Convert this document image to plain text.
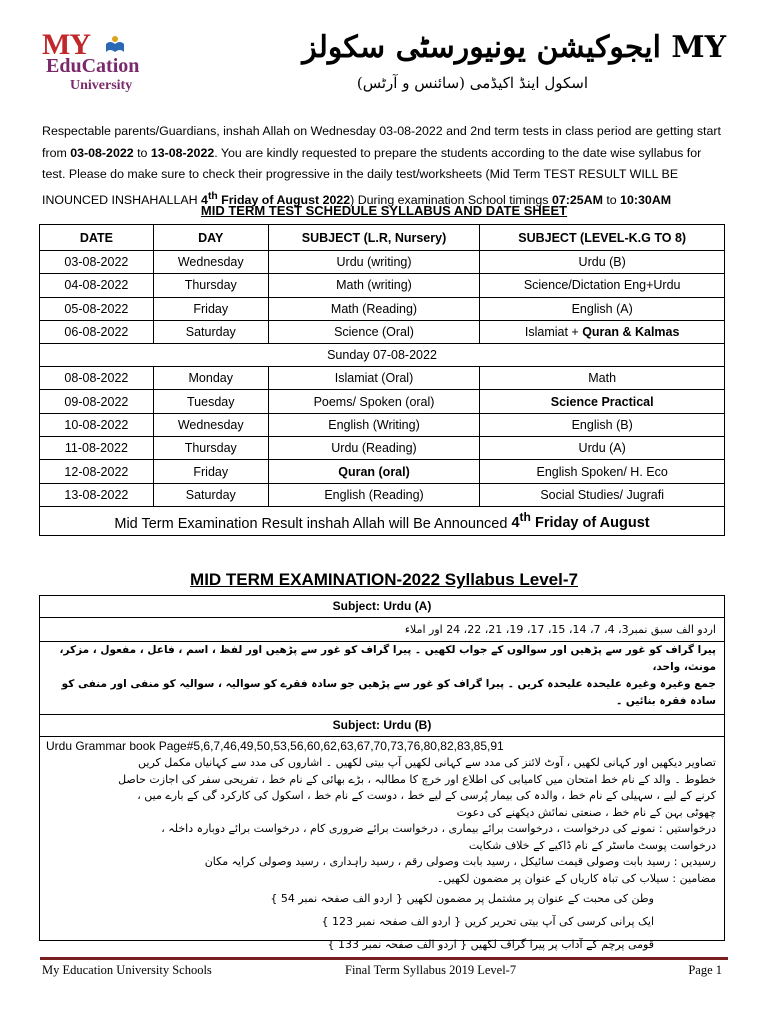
MY
EduCation
University
MY ایجوکیشن یونیورسٹی سکولز
اسکول اینڈ اکیڈمی (سائنس و آرٹس)
Respectable parents/Guardians, inshah Allah on Wednesday 03-08-2022 and 2nd term tests in class period are getting start from 03-08-2022 to 13-08-2022. You are kindly requested to prepare the students according to the date wise syllabus for test. Please do make sure to check their progressive in the daily test/worksheets (Mid Term TEST RESULT WILL BE INOUNCED INSHAHALLAH 4th Friday of August 2022) During examination School timings 07:25AM to 10:30AM
MID TERM TEST SCHEDULE SYLLABUS AND DATE SHEET
DATE	DAY	SUBJECT (L.R, Nursery)	SUBJECT (LEVEL-K.G TO 8)
03-08-2022	Wednesday	Urdu (writing)	Urdu (B)
04-08-2022	Thursday	Math (writing)	Science/Dictation Eng+Urdu
05-08-2022	Friday	Math (Reading)	English (A)
06-08-2022	Saturday	Science (Oral)	Islamiat + Quran & Kalmas
Sunday 07-08-2022			
08-08-2022	Monday	Islamiat (Oral)	Math
09-08-2022	Tuesday	Poems/ Spoken (oral)	Science Practical
10-08-2022	Wednesday	English (Writing)	English (B)
11-08-2022	Thursday	Urdu (Reading)	Urdu (A)
12-08-2022	Friday	Quran (oral)	English Spoken/ H. Eco
13-08-2022	Saturday	English (Reading)	Social Studies/ Jugrafi
Mid Term Examination Result inshah Allah will Be Announced 4th Friday of August			
MID TERM EXAMINATION-2022 Syllabus Level-7
Subject: Urdu (A)
اردو الف سبق نمبر3، 4، 7، 14، 15، 17، 19، 21، 22، 24 اور املاء
پیرا گراف کو غور سے پڑھیں اور سوالوں کے جواب لکھیں ۔ پیرا گراف کو غور سے پڑھیں اور لفظ ، اسم ، فاعل ، مفعول ، مزکر، مونث، واحد،
جمع وغیرہ وغیرہ علیحدہ علیحدہ کریں ۔ پیرا گراف کو غور سے پڑھیں جو سادہ فقرے کو سوالیہ ، سوالیہ کو منفی اور منفی کو سادہ فقرہ بنائیں ۔
Subject: Urdu (B)
Urdu Grammar book Page#5,6,7,46,49,50,53,56,60,62,63,67,70,73,76,80,82,83,85,91
تصاویر دیکھیں اور کہانی لکھیں ، آوٹ لائنز کی مدد سے کہانی لکھیں آپ بیتی لکھیں ۔ اشاروں کی مدد سے کہانیاں مکمل کریں
خطوط ۔ والد کے نام خط امتحان میں کامیابی کی اطلاع اور خرچ کا مطالبہ ، بڑے بھائی کے نام خط ، تفریحی سفر کی اجازت حاصل
کرنے کے لیے ، سہیلی کے نام خط ، والدہ کی بیمار پُرسی کے لیے خط ، دوست کے نام خط ، اسکول کی کارکرد گی کے بارے میں ،
چھوٹی بہن کے نام خط ، صنعتی نمائش دیکھنے کی دعوت
درخواستیں : نمونے کی درخواست ، درخواست برائے بیماری ، درخواست برائے ضروری کام ، درخواست برائے دوبارہ داخلہ ،
درخواست پوسٹ ماسٹر کے نام ڈاکیے کے خلاف شکایت
رسیدیں : رسید بابت وصولی قیمت سائیکل ، رسید بابت وصولی رقم ، رسید راہداری ، رسید وصولی کرایہ مکان
مضامین : سیلاب کی تباہ کاریاں کے عنوان پر مضمون لکھیں۔
وطن کی محبت کے عنوان پر مشتمل پر مضمون لکھیں { اردو الف صفحہ نمبر 54 }
ایک پرانی کرسی کی آپ بیتی تحریر کریں { اردو الف صفحہ نمبر 123 }
قومی پرچم کے آداب پر پیرا گراف لکھیں { اردو الف صفحہ نمبر 133 }
My Education University Schools	Final Term Syllabus 2019 Level-7	Page 1
